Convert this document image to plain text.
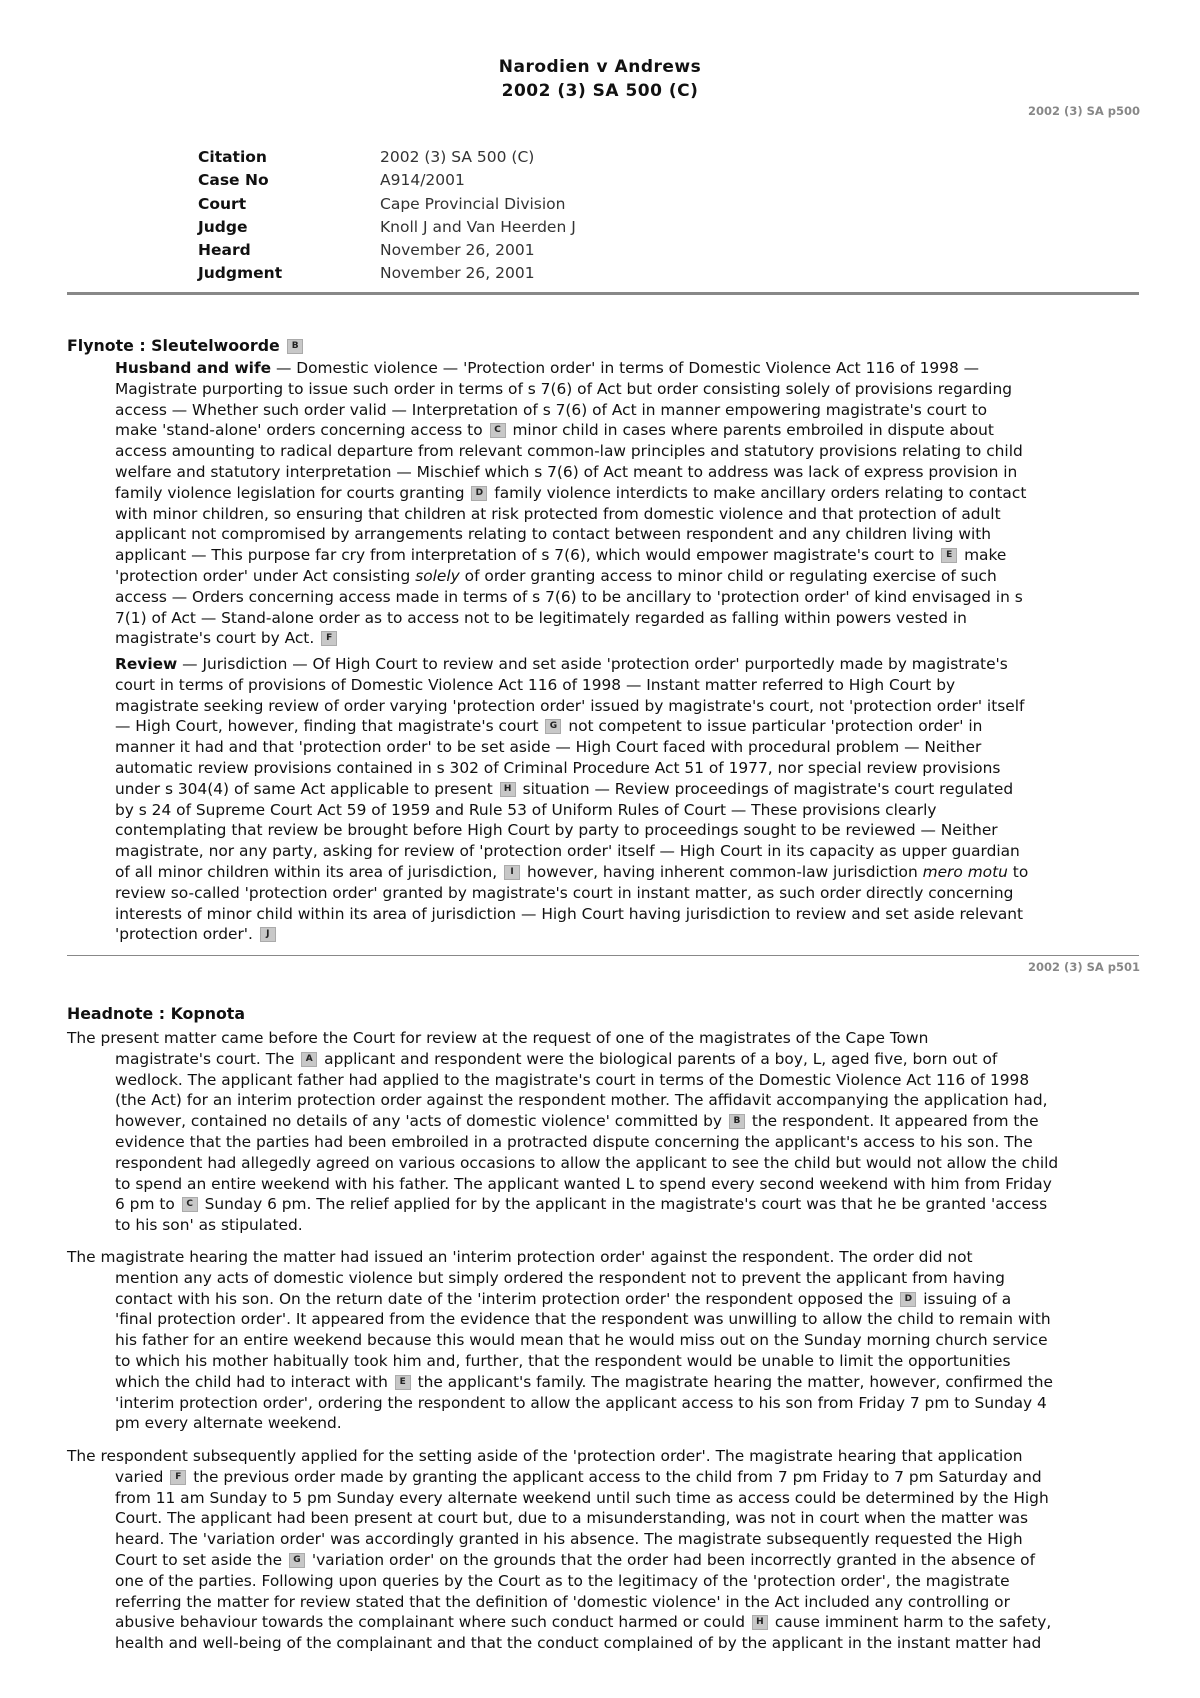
Narodien v Andrews
2002 (3) SA 500 (C)
2002 (3) SA p500
Citation	2002 (3) SA 500 (C)
Case No	A914/2001
Court	Cape Provincial Division
Judge	Knoll J and Van Heerden J
Heard	November 26, 2001
Judgment	November 26, 2001
Flynote : Sleutelwoorde B
Husband and wife — Domestic violence — 'Protection order' in terms of Domestic Violence Act 116 of 1998 —
Magistrate purporting to issue such order in terms of s 7(6) of Act but order consisting solely of provisions regarding
access — Whether such order valid — Interpretation of s 7(6) of Act in manner empowering magistrate's court to
make 'stand-alone' orders concerning access to C minor child in cases where parents embroiled in dispute about
access amounting to radical departure from relevant common-law principles and statutory provisions relating to child
welfare and statutory interpretation — Mischief which s 7(6) of Act meant to address was lack of express provision in
family violence legislation for courts granting D family violence interdicts to make ancillary orders relating to contact
with minor children, so ensuring that children at risk protected from domestic violence and that protection of adult
applicant not compromised by arrangements relating to contact between respondent and any children living with
applicant — This purpose far cry from interpretation of s 7(6), which would empower magistrate's court to E make
'protection order' under Act consisting solely of order granting access to minor child or regulating exercise of such
access — Orders concerning access made in terms of s 7(6) to be ancillary to 'protection order' of kind envisaged in s
7(1) of Act — Stand-alone order as to access not to be legitimately regarded as falling within powers vested in
magistrate's court by Act. F
Review — Jurisdiction — Of High Court to review and set aside 'protection order' purportedly made by magistrate's
court in terms of provisions of Domestic Violence Act 116 of 1998 — Instant matter referred to High Court by
magistrate seeking review of order varying 'protection order' issued by magistrate's court, not 'protection order' itself
— High Court, however, finding that magistrate's court G not competent to issue particular 'protection order' in
manner it had and that 'protection order' to be set aside — High Court faced with procedural problem — Neither
automatic review provisions contained in s 302 of Criminal Procedure Act 51 of 1977, nor special review provisions
under s 304(4) of same Act applicable to present H situation — Review proceedings of magistrate's court regulated
by s 24 of Supreme Court Act 59 of 1959 and Rule 53 of Uniform Rules of Court — These provisions clearly
contemplating that review be brought before High Court by party to proceedings sought to be reviewed — Neither
magistrate, nor any party, asking for review of 'protection order' itself — High Court in its capacity as upper guardian
of all minor children within its area of jurisdiction, I however, having inherent common-law jurisdiction mero motu to
review so-called 'protection order' granted by magistrate's court in instant matter, as such order directly concerning
interests of minor child within its area of jurisdiction — High Court having jurisdiction to review and set aside relevant
'protection order'. J
2002 (3) SA p501
Headnote : Kopnota
The present matter came before the Court for review at the request of one of the magistrates of the Cape Town
magistrate's court. The A applicant and respondent were the biological parents of a boy, L, aged five, born out of
wedlock. The applicant father had applied to the magistrate's court in terms of the Domestic Violence Act 116 of 1998
(the Act) for an interim protection order against the respondent mother. The affidavit accompanying the application had,
however, contained no details of any 'acts of domestic violence' committed by B the respondent. It appeared from the
evidence that the parties had been embroiled in a protracted dispute concerning the applicant's access to his son. The
respondent had allegedly agreed on various occasions to allow the applicant to see the child but would not allow the child
to spend an entire weekend with his father. The applicant wanted L to spend every second weekend with him from Friday
6 pm to C Sunday 6 pm. The relief applied for by the applicant in the magistrate's court was that he be granted 'access
to his son' as stipulated.
The magistrate hearing the matter had issued an 'interim protection order' against the respondent. The order did not
mention any acts of domestic violence but simply ordered the respondent not to prevent the applicant from having
contact with his son. On the return date of the 'interim protection order' the respondent opposed the D issuing of a
'final protection order'. It appeared from the evidence that the respondent was unwilling to allow the child to remain with
his father for an entire weekend because this would mean that he would miss out on the Sunday morning church service
to which his mother habitually took him and, further, that the respondent would be unable to limit the opportunities
which the child had to interact with E the applicant's family. The magistrate hearing the matter, however, confirmed the
'interim protection order', ordering the respondent to allow the applicant access to his son from Friday 7 pm to Sunday 4
pm every alternate weekend.
The respondent subsequently applied for the setting aside of the 'protection order'. The magistrate hearing that application
varied F the previous order made by granting the applicant access to the child from 7 pm Friday to 7 pm Saturday and
from 11 am Sunday to 5 pm Sunday every alternate weekend until such time as access could be determined by the High
Court. The applicant had been present at court but, due to a misunderstanding, was not in court when the matter was
heard. The 'variation order' was accordingly granted in his absence. The magistrate subsequently requested the High
Court to set aside the G 'variation order' on the grounds that the order had been incorrectly granted in the absence of
one of the parties. Following upon queries by the Court as to the legitimacy of the 'protection order', the magistrate
referring the matter for review stated that the definition of 'domestic violence' in the Act included any controlling or
abusive behaviour towards the complainant where such conduct harmed or could H cause imminent harm to the safety,
health and well-being of the complainant and that the conduct complained of by the applicant in the instant matter had
